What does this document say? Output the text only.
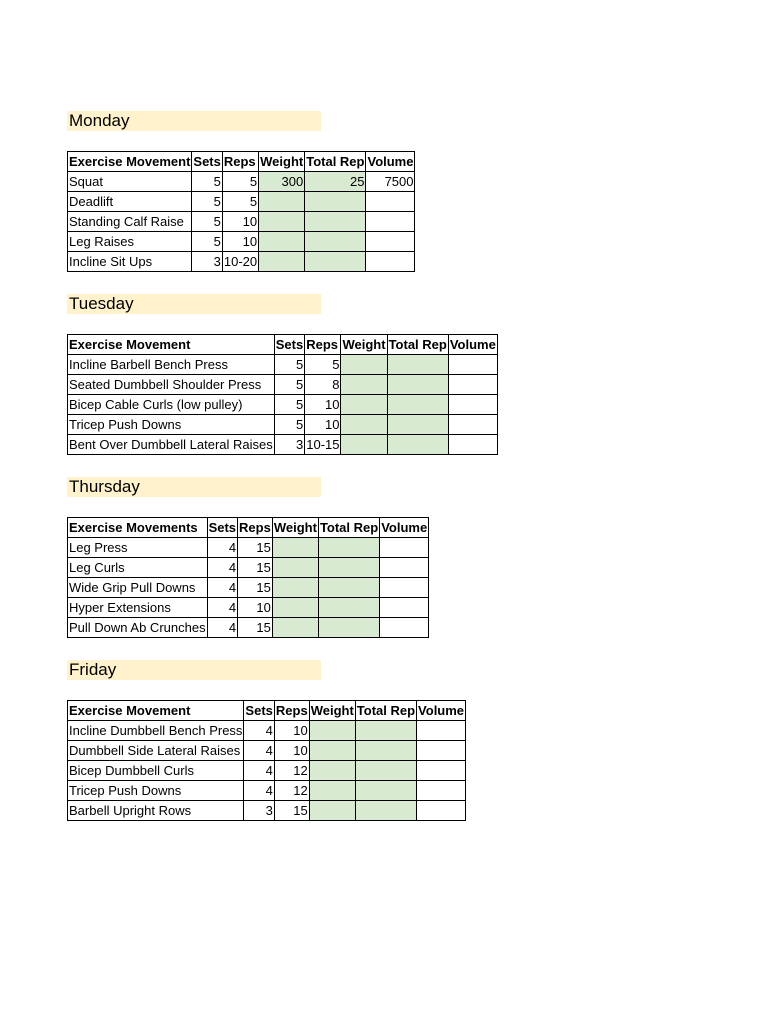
Monday
Exercise Movement	Sets	Reps	Weight	Total Rep	Volume
Squat	5	5	300	25	7500
Deadlift	5	5			
Standing Calf Raise	5	10			
Leg Raises	5	10			
Incline Sit Ups	3	10-20			
Tuesday
Exercise Movement	Sets	Reps	Weight	Total Rep	Volume
Incline Barbell Bench Press	5	5			
Seated Dumbbell Shoulder Press	5	8			
Bicep Cable Curls (low pulley)	5	10			
Tricep Push Downs	5	10			
Bent Over Dumbbell Lateral Raises	3	10-15			
Thursday
Exercise Movements	Sets	Reps	Weight	Total Rep	Volume
Leg Press	4	15			
Leg Curls	4	15			
Wide Grip Pull Downs	4	15			
Hyper Extensions	4	10			
Pull Down Ab Crunches	4	15			
Friday
Exercise Movement	Sets	Reps	Weight	Total Rep	Volume
Incline Dumbbell Bench Press	4	10			
Dumbbell Side Lateral Raises	4	10			
Bicep Dumbbell Curls	4	12			
Tricep Push Downs	4	12			
Barbell Upright Rows	3	15			
